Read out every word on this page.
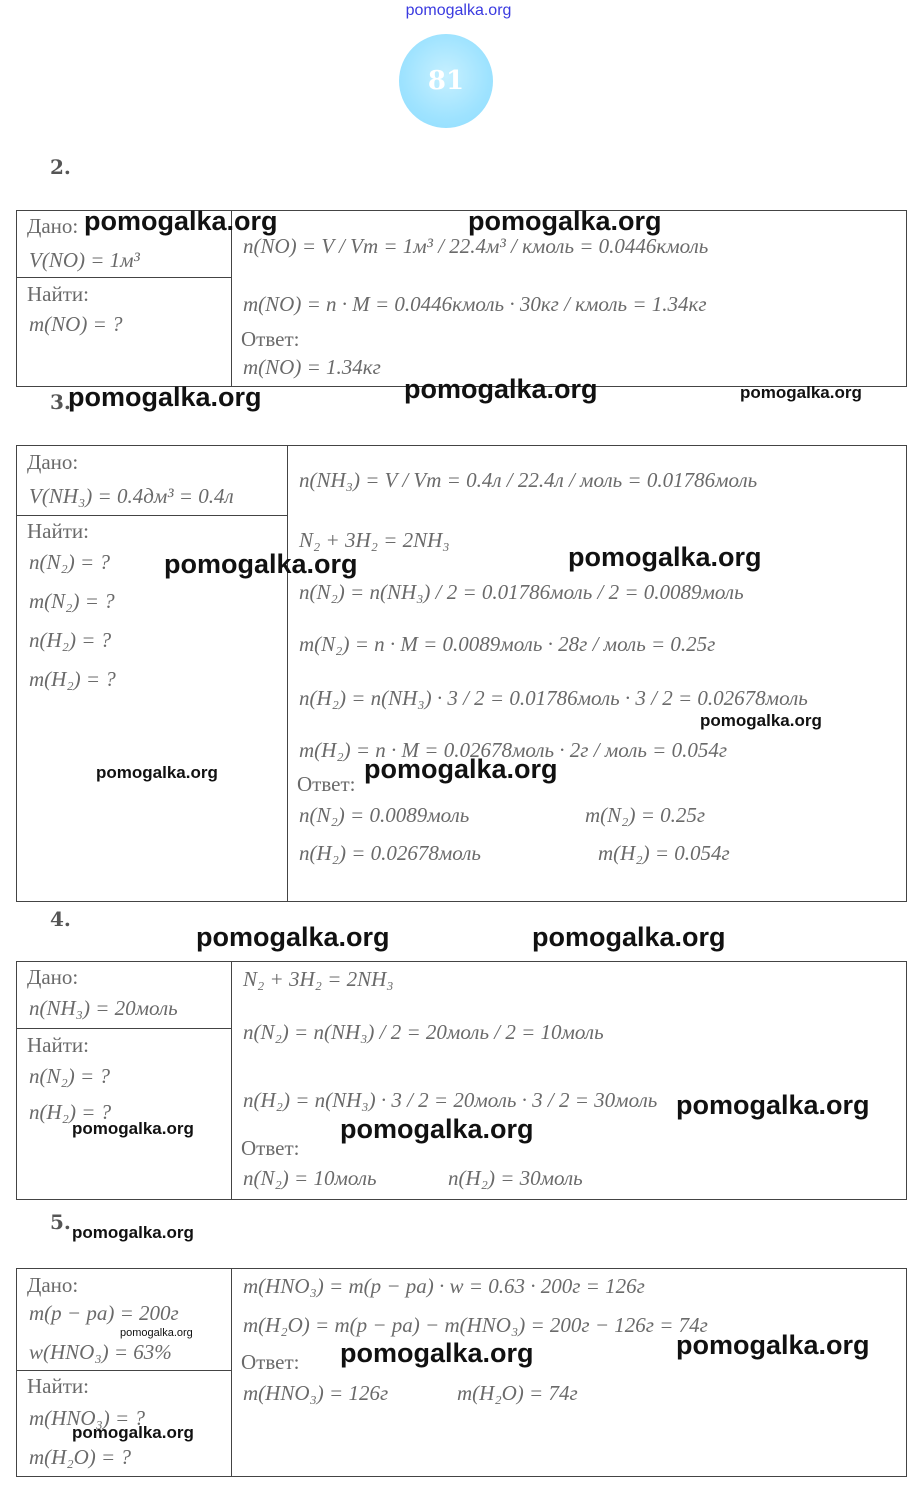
pomogalka.org
81
2.
Дано:
V(NO) = 1м³
Найти:
m(NO) = ?
n(NO) = V / Vm = 1м³ / 22.4м³ / кмоль = 0.0446кмоль
m(NO) = n · M = 0.0446кмоль · 30кг / кмоль = 1.34кг
Ответ:
m(NO) = 1.34кг
3.
Дано:
V(NH₃) = 0.4дм³ = 0.4л
Найти:
n(N₂) = ?
m(N₂) = ?
n(H₂) = ?
m(H₂) = ?
n(NH₃) = V / Vm = 0.4л / 22.4л / моль = 0.01786моль
N₂ + 3H₂ = 2NH₃
n(N₂) = n(NH₃) / 2 = 0.01786моль / 2 = 0.0089моль
m(N₂) = n · M = 0.0089моль · 28г / моль = 0.25г
n(H₂) = n(NH₃) · 3 / 2 = 0.01786моль · 3 / 2 = 0.02678моль
m(H₂) = n · M = 0.02678моль · 2г / моль = 0.054г
Ответ:
n(N₂) = 0.0089моль	m(N₂) = 0.25г
n(H₂) = 0.02678моль	m(H₂) = 0.054г
4.
Дано:
n(NH₃) = 20моль
Найти:
n(N₂) = ?
n(H₂) = ?
N₂ + 3H₂ = 2NH₃
n(N₂) = n(NH₃) / 2 = 20моль / 2 = 10моль
n(H₂) = n(NH₃) · 3 / 2 = 20моль · 3 / 2 = 30моль
Ответ:
n(N₂) = 10моль	n(H₂) = 30моль
5.
Дано:
m(p − pa) = 200г
w(HNO₃) = 63%
Найти:
m(HNO₃) = ?
m(H₂O) = ?
m(HNO₃) = m(p − pa) · w = 0.63 · 200г = 126г
m(H₂O) = m(p − pa) − m(HNO₃) = 200г − 126г = 74г
Ответ:
m(HNO₃) = 126г	m(H₂O) = 74г
pomogalka.org	pomogalka.org
pomogalka.org	pomogalka.org	pomogalka.org
pomogalka.org	pomogalka.org
pomogalka.org
pomogalka.org	pomogalka.org
pomogalka.org	pomogalka.org
pomogalka.org
pomogalka.org	pomogalka.org
pomogalka.org
pomogalka.org
pomogalka.org	pomogalka.org
pomogalka.org
